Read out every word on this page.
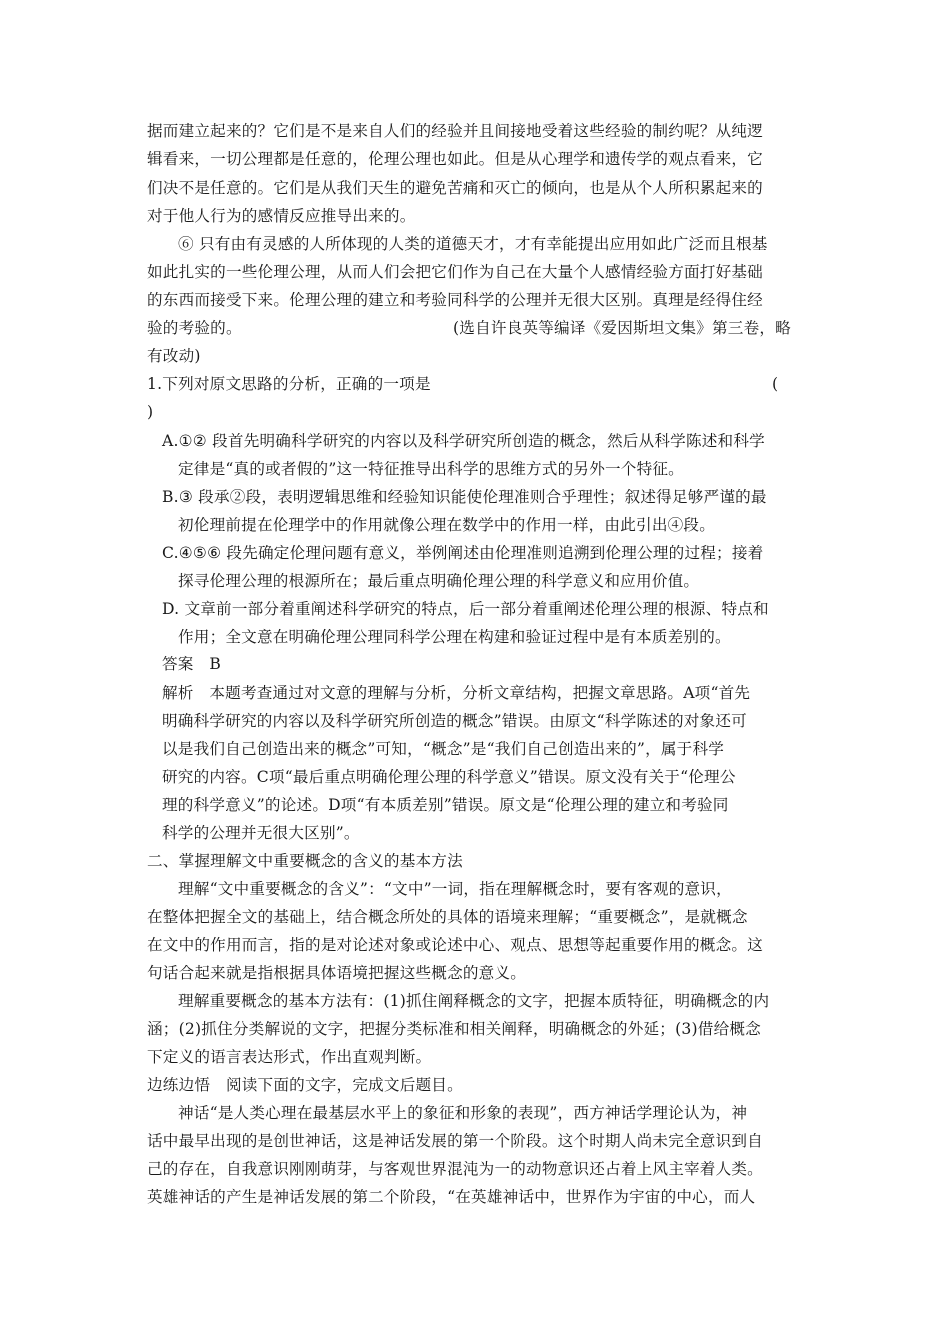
据而建立起来的？它们是不是来自人们的经验并且间接地受着这些经验的制约呢？从纯逻
辑看来，一切公理都是任意的，伦理公理也如此。但是从心理学和遗传学的观点看来，它
们决不是任意的。它们是从我们天生的避免苦痛和灭亡的倾向，也是从个人所积累起来的
对于他人行为的感情反应推导出来的。
⑥ 只有由有灵感的人所体现的人类的道德天才，才有幸能提出应用如此广泛而且根基
如此扎实的一些伦理公理，从而人们会把它们作为自己在大量个人感情经验方面打好基础
的东西而接受下来。伦理公理的建立和考验同科学的公理并无很大区别。真理是经得住经
验的考验的。	(选自许良英等编译《爱因斯坦文集》第三卷，略
有改动)
1.下列对原文思路的分析，正确的一项是	(
)
A.①② 段首先明确科学研究的内容以及科学研究所创造的概念，然后从科学陈述和科学
定律是“真的或者假的”这一特征推导出科学的思维方式的另外一个特征。
B.③ 段承②段，表明逻辑思维和经验知识能使伦理准则合乎理性；叙述得足够严谨的最
初伦理前提在伦理学中的作用就像公理在数学中的作用一样，由此引出④段。
C.④⑤⑥ 段先确定伦理问题有意义，举例阐述由伦理准则追溯到伦理公理的过程；接着
探寻伦理公理的根源所在；最后重点明确伦理公理的科学意义和应用价值。
D. 文章前一部分着重阐述科学研究的特点，后一部分着重阐述伦理公理的根源、特点和
作用；全文意在明确伦理公理同科学公理在构建和验证过程中是有本质差别的。
答案　B
解析　本题考查通过对文意的理解与分析，分析文章结构，把握文章思路。A项“首先
明确科学研究的内容以及科学研究所创造的概念”错误。由原文“科学陈述的对象还可
以是我们自己创造出来的概念”可知，“概念”是“我们自己创造出来的”，属于科学
研究的内容。C项“最后重点明确伦理公理的科学意义”错误。原文没有关于“伦理公
理的科学意义”的论述。D项“有本质差别”错误。原文是“伦理公理的建立和考验同
科学的公理并无很大区别”。
二、掌握理解文中重要概念的含义的基本方法
理解“文中重要概念的含义”：“文中”一词，指在理解概念时，要有客观的意识，
在整体把握全文的基础上，结合概念所处的具体的语境来理解；“重要概念”，是就概念
在文中的作用而言，指的是对论述对象或论述中心、观点、思想等起重要作用的概念。这
句话合起来就是指根据具体语境把握这些概念的意义。
理解重要概念的基本方法有：(1)抓住阐释概念的文字，把握本质特征，明确概念的内
涵；(2)抓住分类解说的文字，把握分类标准和相关阐释，明确概念的外延；(3)借给概念
下定义的语言表达形式，作出直观判断。
边练边悟　阅读下面的文字，完成文后题目。
神话“是人类心理在最基层水平上的象征和形象的表现”，西方神话学理论认为，神
话中最早出现的是创世神话，这是神话发展的第一个阶段。这个时期人尚未完全意识到自
己的存在，自我意识刚刚萌芽，与客观世界混沌为一的动物意识还占着上风主宰着人类。
英雄神话的产生是神话发展的第二个阶段，“在英雄神话中，世界作为宇宙的中心，而人
